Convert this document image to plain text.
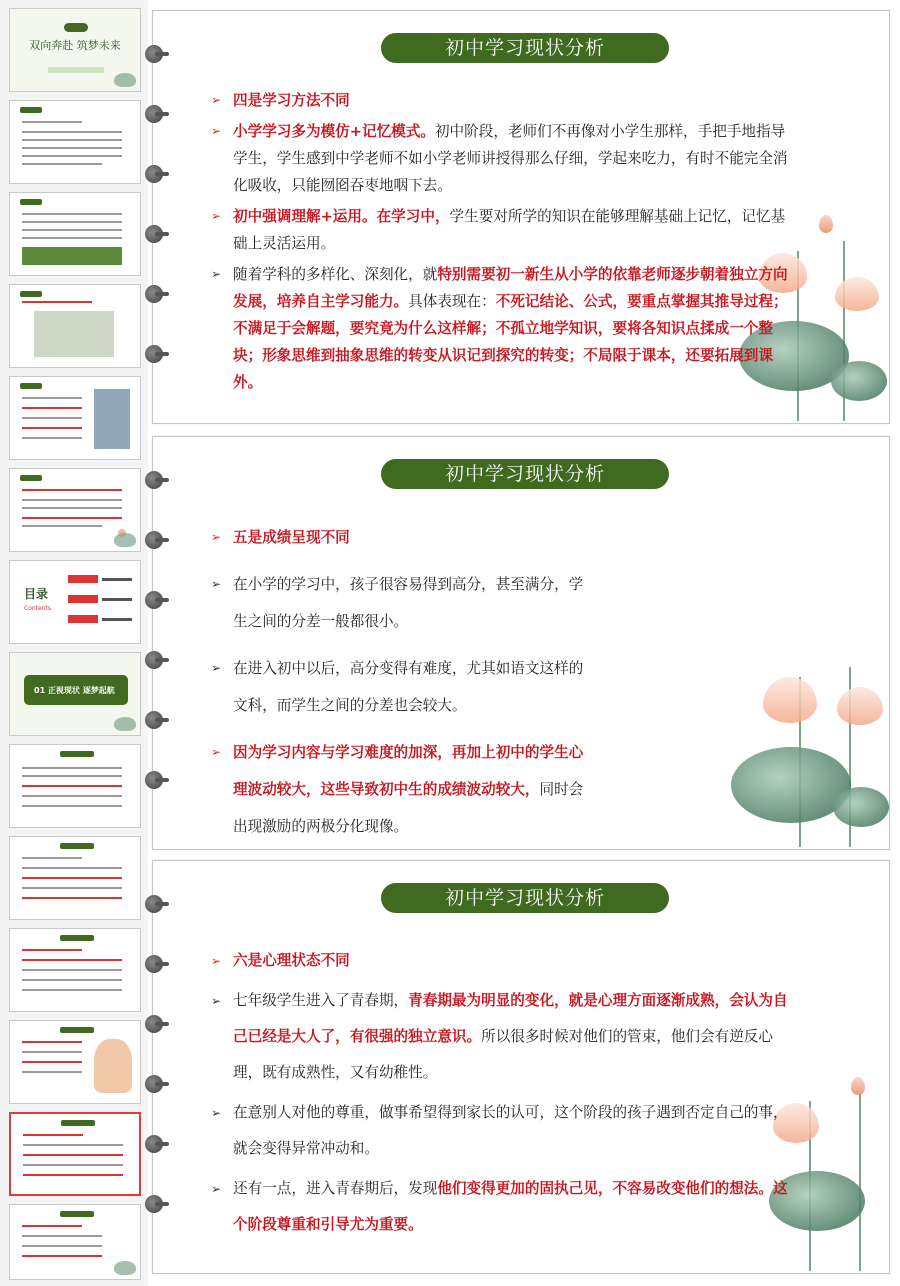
双向奔赴 筑梦未来
目录
Contents
01 正视现状 逐梦起航
初中学习现状分析

➢ 四是学习方法不同

➢ 小学学习多为模仿+记忆模式。初中阶段，老师们不再像对小学生那样，手把手地指导学生，学生感到中学老师不如小学老师讲授得那么仔细，学起来吃力，有时不能完全消化吸收，只能囫囵吞枣地咽下去。

➢ 初中强调理解+运用。在学习中，学生要对所学的知识在能够理解基础上记忆，记忆基础上灵活运用。

➢ 随着学科的多样化、深刻化，就特别需要初一新生从小学的依靠老师逐步朝着独立方向发展，培养自主学习能力。具体表现在：不死记结论、公式，要重点掌握其推导过程；不满足于会解题，要究竟为什么这样解；不孤立地学知识，要将各知识点揉成一个整块；形象思维到抽象思维的转变从识记到探究的转变；不局限于课本，还要拓展到课外。

初中学习现状分析

➢ 五是成绩呈现不同

➢ 在小学的学习中，孩子很容易得到高分，甚至满分，学生之间的分差一般都很小。

➢ 在进入初中以后，高分变得有难度，尤其如语文这样的文科，而学生之间的分差也会较大。

➢ 因为学习内容与学习难度的加深，再加上初中的学生心理波动较大，这些导致初中生的成绩波动较大，同时会出现激励的两极分化现像。

初中学习现状分析

➢ 六是心理状态不同

➢ 七年级学生进入了青春期，青春期最为明显的变化，就是心理方面逐渐成熟，会认为自己已经是大人了，有很强的独立意识。所以很多时候对他们的管束，他们会有逆反心理，既有成熟性，又有幼稚性。

➢ 在意别人对他的尊重，做事希望得到家长的认可，这个阶段的孩子遇到否定自己的事，就会变得异常冲动和。

➢ 还有一点，进入青春期后，发现他们变得更加的固执己见，不容易改变他们的想法。这个阶段尊重和引导尤为重要。
